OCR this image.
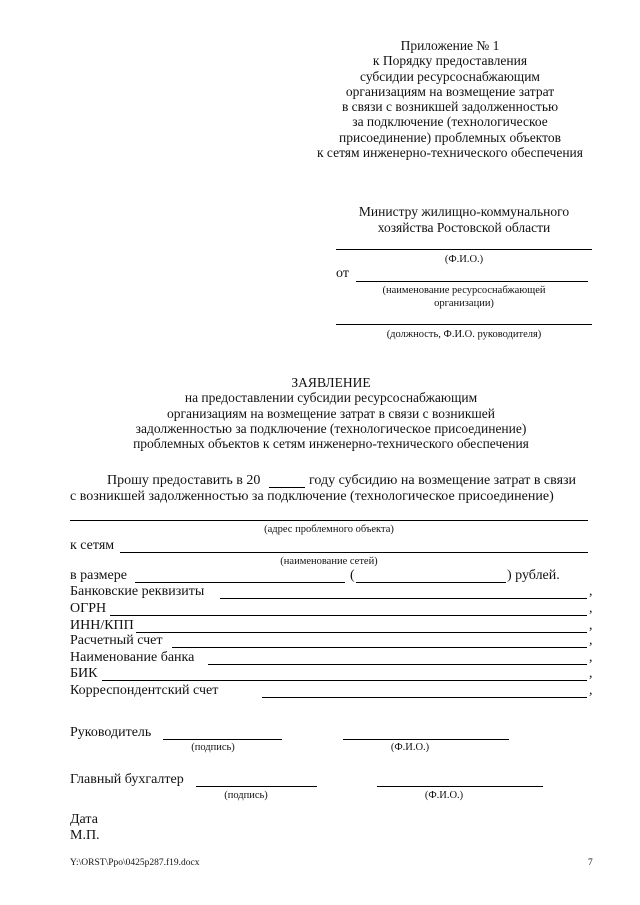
Приложение № 1
к Порядку предоставления
субсидии ресурсоснабжающим
организациям на возмещение затрат
в связи с возникшей задолженностью
за подключение (технологическое
присоединение) проблемных объектов
к сетям инженерно-технического обеспечения
Министру жилищно-коммунального
хозяйства Ростовской области
(Ф.И.О.)
от
(наименование ресурсоснабжающей
организации)
(должность, Ф.И.О. руководителя)
ЗАЯВЛЕНИЕ
на предоставлении субсидии ресурсоснабжающим
организациям на возмещение затрат в связи с возникшей
задолженностью за подключение (технологическое присоединение)
проблемных объектов к сетям инженерно-технического обеспечения
Прошу предоставить в 20	году субсидию на возмещение затрат в связи
с возникшей задолженностью за подключение (технологическое присоединение)
(адрес проблемного объекта)
к сетям
(наименование сетей)
в размере	(	) рублей.
Банковские реквизиты	,
ОГРН	,
ИНН/КПП	,
Расчетный счет	,
Наименование банка	,
БИК	,
Корреспондентский счет	,
Руководитель
(подпись)	(Ф.И.О.)
Главный бухгалтер
(подпись)	(Ф.И.О.)
Дата
М.П.
Y:\ORST\Ppo\0425p287.f19.docx	7
